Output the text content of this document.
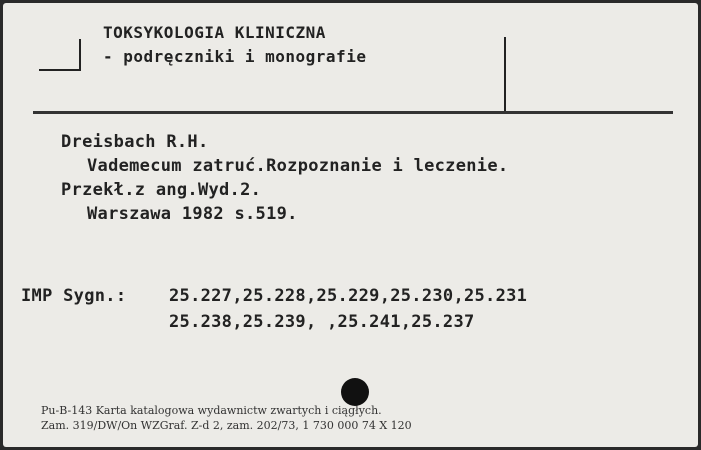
TOKSYKOLOGIA KLINICZNA
- podręczniki i monografie
Dreisbach R.H.
Vademecum zatruć.Rozpoznanie i leczenie.
Przekł.z ang.Wyd.2.
Warszawa 1982 s.519.
IMP Sygn.:	25.227,25.228,25.229,25.230,25.231
25.238,25.239, ,25.241,25.237
Pu-B-143 Karta katalogowa wydawnictw zwartych i ciągłych.
Zam. 319/DW/On WZGraf. Z-d 2, zam. 202/73, 1 730 000 74 X 120
